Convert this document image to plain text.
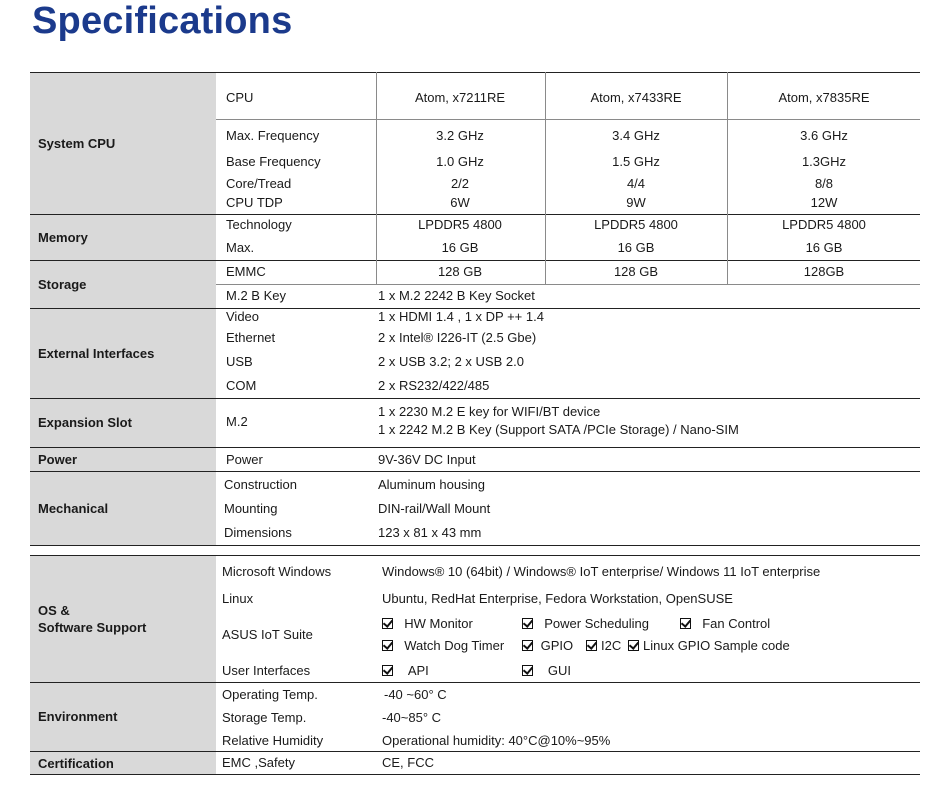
Specifications
System CPU
CPU	Atom, x7211RE	Atom, x7433RE	Atom, x7835RE
Max. Frequency	3.2 GHz	3.4 GHz	3.6 GHz
Base Frequency	1.0 GHz	1.5 GHz	1.3GHz
Core/Tread	2/2	4/4	8/8
CPU TDP	6W	9W	12W
Memory
Technology	LPDDR5 4800	LPDDR5 4800	LPDDR5 4800
Max.	16 GB	16 GB	16 GB
Storage
EMMC	128 GB	128 GB	128GB
M.2 B Key	1 x M.2 2242 B Key Socket
External Interfaces
Video	1 x HDMI 1.4 , 1 x DP ++ 1.4
Ethernet	2 x Intel® I226-IT (2.5 Gbe)
USB	2 x USB 3.2; 2 x USB 2.0
COM	2 x RS232/422/485
Expansion Slot	M.2
1 x 2230 M.2 E key for WIFI/BT device
1 x 2242 M.2 B Key (Support SATA /PCIe Storage) / Nano-SIM
Power	Power	9V-36V DC Input
Mechanical
Construction	Aluminum housing
Mounting	DIN-rail/Wall Mount
Dimensions	123 x 81 x 43 mm
OS &
Software Support
Microsoft Windows	Windows® 10 (64bit) / Windows® IoT enterprise/ Windows 11 IoT enterprise
Linux	Ubuntu, RedHat Enterprise, Fedora Workstation, OpenSUSE
ASUS IoT Suite
HW Monitor	Power Scheduling	Fan Control
Watch Dog Timer	GPIO	I2C	Linux GPIO Sample code
User Interfaces	API	GUI
Environment
Operating Temp.	-40 ~60° C
Storage Temp.	-40~85° C
Relative Humidity	Operational humidity: 40°C@10%~95%
Certification	EMC ,Safety	CE, FCC
